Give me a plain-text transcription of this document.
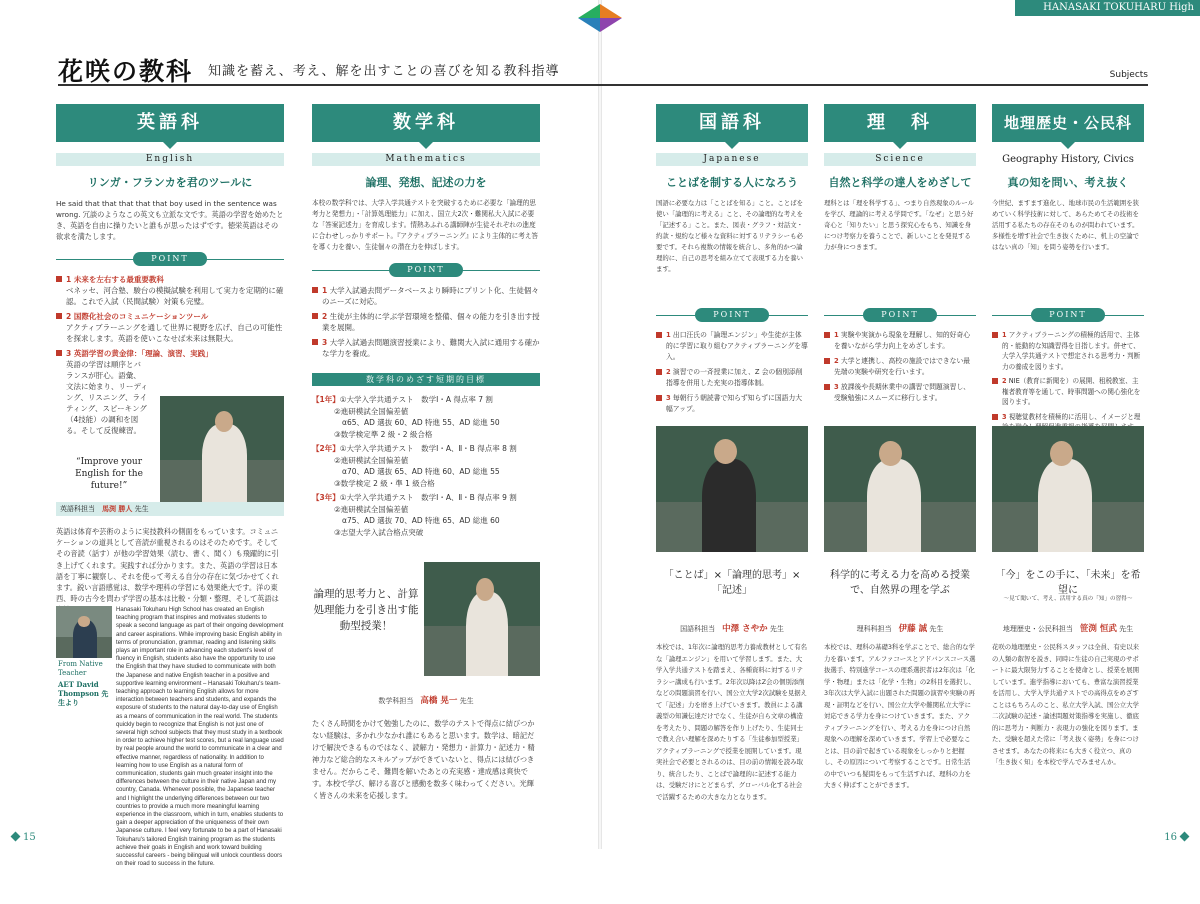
HANASAKI TOKUHARU High School
花咲の教科 知識を蓄え、考え、解を出すことの喜びを知る教科指導	Subjects
英語科
English
リンガ・フランカを君のツールに
He said that that that that that boy used in the sentence was wrong. 冗談のようなこの英文も立派な文です。英語の学習を始めたとき、英語を自由に操りたいと誰もが思ったはずです。徳栄英語はその欲求を満たします。
POINT
1 未来を左右する最重要教科
ベネッセ、河合塾、駿台の模擬試験を利用して実力を定期的に確認。これで入試（民間試験）対策も完璧。
2 国際化社会のコミュニケーションツール
アクティブラーニングを通して世界に視野を広げ、自己の可能性を探求します。英語を使いこなせば未来は無限大。
3 英語学習の黄金律：「理論、演習、実践」
英語の学習は順序とバランスが肝心。語彙、文法に始まり、リーディング、リスニング、ライティング、スピーキング（4技能）の調和を図る。そして反復練習。
“Improve your English for the future!”
英語科担当　 馬渕 勝人 先生
英語は体育や芸術のように実技教科の側面をもっています。コミュニケーションの道具として音読が重視されるのはそのためです。そしてその音読（話す）が他の学習効果（読む、書く、聞く）も飛躍的に引き上げてくれます。実践すれば分かります。また、英語の学習は日本語を丁寧に観察し、それを使って考える自分の存在に気づかせてくれます。鋭い言語感覚は、数学や理科の学習にも効果絶大です。洋の東西、時の古今を問わず学習の基本は比較・分類・整理、そして英語は
From Native Teacher
AET David Thompson 先生より
Hanasaki Tokuharu High School has created an English teaching program that inspires and motivates students to speak a second language as part of their ongoing development and career aspirations. While improving basic English ability in terms of pronunciation, grammar, reading and listening skills plays an important role in advancing each student's level of fluency in English, students also have the opportunity to use the English that they have studied to communicate with both the Japanese and native English teacher in a positive and supportive learning environment – Hanasaki Tokuharu's team-teaching approach to learning English allows for more interaction between teachers and students, and expands the exposure of students to the natural day-to-day use of English as a means of communication in the real world. The students quickly begin to recognize that English is not just one of several high school subjects that they must study in a textbook in order to achieve higher test scores, but a real language used by real people around the world to communicate in a clear and effective manner, regardless of nationality. In addition to learning how to use English as a natural form of communication, students gain much greater insight into the differences between the culture in their native Japan and my country, Canada. Whenever possible, the Japanese teacher and I highlight the underlying differences between our two countries to provide a much more meaningful learning experience in the classroom, which in turn, enables students to gain a deeper appreciation of the uniqueness of their own Japanese culture. I feel very fortunate to be a part of Hanasaki Tokuharu's tailored English training program as the students achieve their goals in English and work toward building successful careers - being bilingual will unlock countless doors on their road to success in the future.
数学科
Mathematics
論理、発想、記述の力を
本校の数学科では、大学入学共通テストを突破するために必要な「論理的思考力と発想力」・「計算処理能力」に加え、国立大2次・難関私大入試に必要な「答案記述力」を育成します。情熱あふれる講師陣が生徒それぞれの進度に合わせしっかりサポート。『アクティブラーニング』により主体的に考え答を導く力を養い、生徒個々の潜在力を伸ばします。
POINT
1 大学入試過去問データベースより瞬時にプリント化、生徒個々のニーズに対応。
2 生徒が主体的に学ぶ学習環境を整備、個々の能力を引き出す授業を展開。
3 大学入試過去問題演習授業により、難関大入試に通用する確かな学力を養成。
数学科のめざす短期的目標
【1年】①大学入学共通テスト　数学Ⅰ・A 得点率 7 割
②進研模試全国偏差値
α65、AD 選抜 60、AD 特進 55、AD 総進 50
③数学検定準 2 級・2 級合格
【2年】①大学入学共通テスト　数学Ⅰ・A、Ⅱ・B 得点率 8 割
②進研模試全国偏差値
α70、AD 選抜 65、AD 特進 60、AD 総進 55
③数学検定 2 級・準 1 級合格
【3年】①大学入学共通テスト　数学Ⅰ・A、Ⅱ・B 得点率 9 割
②進研模試全国偏差値
α75、AD 選抜 70、AD 特進 65、AD 総進 60
③志望大学入試合格点突破
論理的思考力と、計算処理能力を引き出す能動型授業！
数学科担当　 高橋 晃一 先生
たくさん時間をかけて勉強したのに、数学のテストで得点に結びつかない経験は、多かれ少なかれ誰にもあると思います。数学は、暗記だけで解決できるものではなく、読解力・発想力・計算力・記述力・精神力など総合的なスキルアップができていないと、得点には結びつきません。だからこそ、難問を解いたあとの充実感・達成感は爽快です。本校で学び、解ける喜びと感動を数多く味わってください。光輝く皆さんの未来を応援します。
国語科
Japanese
ことばを制する人になろう
国語に必要な力は「ことばを知る」こと。ことばを使い「論理的に考える」こと、その論理的な考えを「記述する」こと。また、図表・グラフ・対話文・約款・規約など様々な資料に対するリテラシーも必要です。それら複数の情報を統合し、多角的かつ論理的に、自己の思考を組み立てて表現する力を養います。
POINT
1 出口汪氏の「論理エンジン」や生徒が主体的に学習に取り組むアクティブラーニングを導入。
2 演習での一斉授業に加え、Z 会の個別添削指導を併用した充実の指導体制。
3 毎朝行う朝読書で知らず知らずに国語力大幅アップ。
「ことば」×「論理的思考」×「記述」
国語科担当　 中澤 さやか 先生
本校では、1年次に論理的思考力養成教材として有名な「論理エンジン」を用いて学習します。また、大学入学共通テストを踏まえ、各種資料に対するリテラシー講成も行います。2年次以降はZ会の個別添削などの問題演習を行い、国公立大学2次試験を見据えて「記述」力を磨き上げていきます。教員による講義型の知識伝達だけでなく、生徒が自ら文章の構造を考えたり、問題の解答を作り上げたり、生徒同士で教え合い理解を深めたりする「生徒参加型授業」アクティブラーニングで授業を展開しています。現実社会で必要とされるのは、目の前の情報を読み取り、統合したり、ことばで論理的に記述する能力は、受験だけにとどまらず、グローバル化する社会で活躍するための大きな力となります。
理　科
Science
自然と科学の達人をめざして
理科とは「理を科学する」、つまり自然現象のルールを学び、理論的に考える学問です。「なぜ」と思う好奇心と「知りたい」と思う探究心をもち、知識を身につけ考察力を養うことで、新しいことを発見する力が身につきます。
POINT
1 実験や実演から現象を理解し、知的好奇心を養いながら学力向上をめざします。
2 大学と連携し、高校の施設ではできない最先端の実験や研究を行います。
3 放課後や長期休業中の講習で問題演習し、受験勉強にスムーズに移行します。
科学的に考える力を高める授業で、自然界の理を学ぶ
理科科担当　 伊藤 誠 先生
本校では、理科の基礎3科を学ぶことで、総合的な学力を養います。アルファコースとアドバンスコース選抜選手、特別進学コースの理系選択者は2年次は「化学・物理」または「化学・生物」の2科目を選択し、3年次は大学入試に出題された問題の演習や実験の再現・証明などを行い、国公立大学や難関私立大学に対応できる学力を身につけていきます。また、アクティブラーニングを行い、考える力を身につけ自然現象への理解を深めていきます。学習上で必要なことは、目の前で起きている現象をしっかりと把握し、その原因について考察することです。日常生活の中でいつも疑問をもって生活すれば、理科の力を大きく伸ばすことができます。
地理歴史・公民科
Geography History, Civics
真の知を問い、考え抜く
今世紀、ますます進化し、地球市民の生活範囲を狭めていく科学技術に対して、あらためてその技術を活用する私たちの存在そのものが問われています。多様性を増す社会で生き抜くために、机上の空論ではない真の「知」を問う姿勢を行います。
POINT
1 アクティブラーニングの積極的活用で、主体的・能動的な知識習得を目指します。併せて、大学入学共通テストで想定される思考力・判断力の養成を図ります。
2 NIE（教育に新聞を）の展開、租税教室、主権者教育等を通して、時事問題への関心強化を図ります。
3 視聴覚教材を積極的に活用し、イメージと理
「今」をこの手に、「未来」を希望に
～見て聞いて、考え、活用する真の「知」の習得～
地理歴史・公民科担当　 笹渕 恒武 先生
花咲の地理歴史・公民科スタッフは全員、有史以来の人類の叡智を説き、同時に生徒の自己実現のサポートに最大限努力することを使命とし、授業を展開しています。進学指導においても、豊富な演習授業を活用し、大学入学共通テストでの高得点をめざすことはもちろんのこと、私立大学入試、国公立大学二次試験の記述・論述問題対策指導を実施し、徹底的に思考力・判断力・表現力の強化を図ります。また、受験を超えた常に「考え抜く姿勢」を身につけさせます。あなたの将来にも大きく役立つ、真の「生き抜く知」を本校で学んでみませんか。
15	16
